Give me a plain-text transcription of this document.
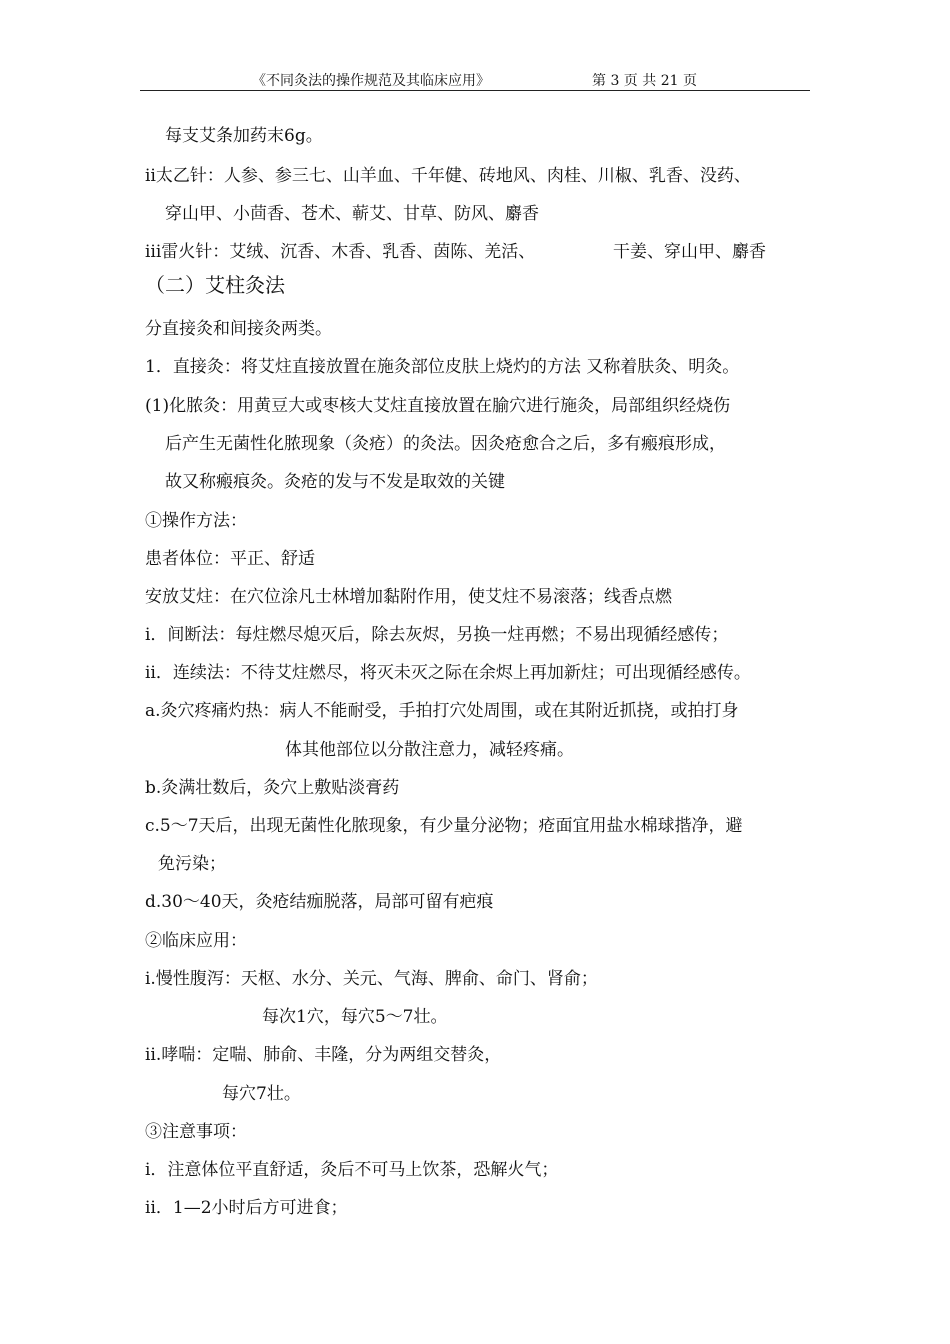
《不同灸法的操作规范及其临床应用》	第 3 页 共 21 页
每支艾条加药末6g。
ⅱ太乙针：人参、参三七、山羊血、千年健、砖地风、肉桂、川椒、乳香、没药、
穿山甲、小茴香、苍术、蕲艾、甘草、防风、麝香
ⅲ雷火针：艾绒、沉香、木香、乳香、茵陈、羌活、	干姜、穿山甲、麝香
（二）艾柱灸法
分直接灸和间接灸两类。
1．直接灸：将艾炷直接放置在施灸部位皮肤上烧灼的方法 又称着肤灸、明灸。
(1)化脓灸：用黄豆大或枣核大艾炷直接放置在腧穴进行施灸，局部组织经烧伤
后产生无菌性化脓现象（灸疮）的灸法。因灸疮愈合之后，多有瘢痕形成，
故又称瘢痕灸。灸疮的发与不发是取效的关键
①操作方法：
患者体位：平正、舒适
安放艾炷：在穴位涂凡士林增加黏附作用，使艾炷不易滚落；线香点燃
ⅰ．间断法：每炷燃尽熄灭后，除去灰烬，另换一炷再燃；不易出现循经感传；
ⅱ．连续法：不待艾炷燃尽，将灭未灭之际在余烬上再加新炷；可出现循经感传。
a.灸穴疼痛灼热：病人不能耐受，手拍打穴处周围，或在其附近抓挠，或拍打身
体其他部位以分散注意力，减轻疼痛。
b.灸满壮数后，灸穴上敷贴淡膏药
c.5～7天后，出现无菌性化脓现象，有少量分泌物；疮面宜用盐水棉球揩净，避
免污染；
d.30～40天，灸疮结痂脱落，局部可留有疤痕
②临床应用：
ⅰ.慢性腹泻：天枢、水分、关元、气海、脾俞、命门、肾俞；
每次1穴，每穴5～7壮。
ⅱ.哮喘：定喘、肺俞、丰隆，分为两组交替灸，
每穴7壮。
③注意事项：
ⅰ．注意体位平直舒适，灸后不可马上饮茶，恐解火气；
ⅱ．1—2小时后方可进食；
